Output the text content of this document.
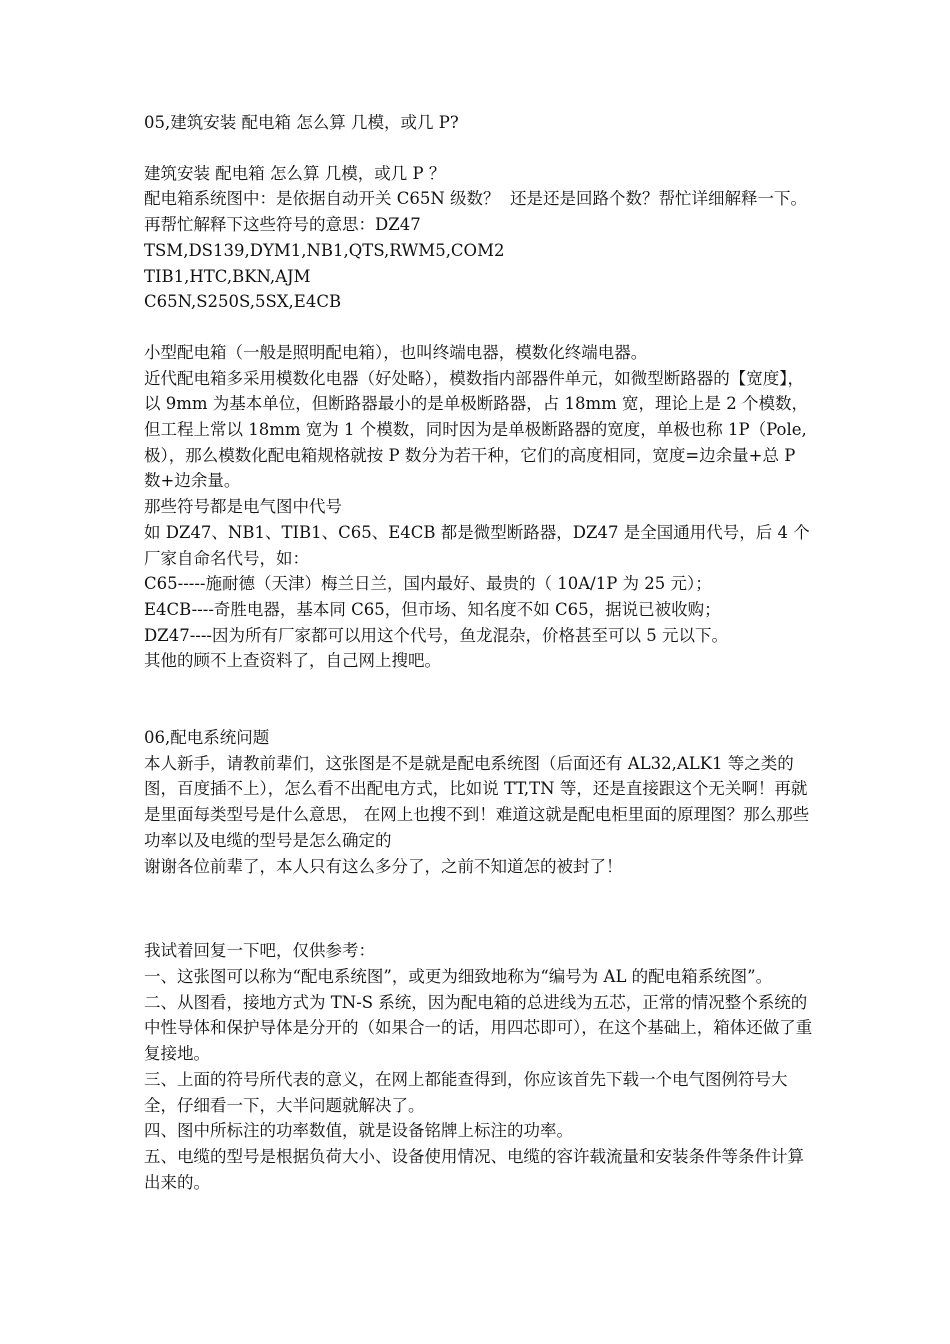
05,建筑安装 配电箱 怎么算 几模，或几 P?

建筑安装 配电箱 怎么算 几模，或几 P ？

配电箱系统图中：是依据自动开关 C65N 级数？  还是还是回路个数？帮忙详细解释一下。

再帮忙解释下这些符号的意思：DZ47

TSM,DS139,DYM1,NB1,QTS,RWM5,COM2

TIB1,HTC,BKN,AJM

C65N,S250S,5SX,E4CB

小型配电箱（一般是照明配电箱），也叫终端电器，模数化终端电器。

近代配电箱多采用模数化电器（好处略），模数指内部器件单元，如微型断路器的【宽度】，以 9mm 为基本单位，但断路器最小的是单极断路器，占 18mm 宽，理论上是 2 个模数，但工程上常以 18mm 宽为 1 个模数，同时因为是单极断路器的宽度，单极也称 1P（Pole,极），那么模数化配电箱规格就按 P 数分为若干种，它们的高度相同，宽度=边余量+总 P 数+边余量。

那些符号都是电气图中代号

如 DZ47、NB1、TIB1、C65、E4CB 都是微型断路器，DZ47 是全国通用代号，后 4 个厂家自命名代号，如：

C65-----施耐德（天津）梅兰日兰，国内最好、最贵的（ 10A/1P 为 25 元）；

E4CB----奇胜电器，基本同 C65，但市场、知名度不如 C65，据说已被收购；

DZ47----因为所有厂家都可以用这个代号，鱼龙混杂，价格甚至可以 5 元以下。

其他的顾不上查资料了，自己网上搜吧。

06,配电系统问题

本人新手，请教前辈们，这张图是不是就是配电系统图（后面还有 AL32,ALK1 等之类的图，百度插不上），怎么看不出配电方式，比如说 TT,TN 等，还是直接跟这个无关啊！再就是里面每类型号是什么意思， 在网上也搜不到！难道这就是配电柜里面的原理图？那么那些功率以及电缆的型号是怎么确定的

谢谢各位前辈了，本人只有这么多分了，之前不知道怎的被封了！

我试着回复一下吧，仅供参考：

一、这张图可以称为“配电系统图”，或更为细致地称为“编号为 AL 的配电箱系统图”。

二、从图看，接地方式为 TN-S 系统，因为配电箱的总进线为五芯，正常的情况整个系统的中性导体和保护导体是分开的（如果合一的话，用四芯即可），在这个基础上，箱体还做了重复接地。

三、上面的符号所代表的意义，在网上都能查得到，你应该首先下载一个电气图例符号大全，仔细看一下，大半问题就解决了。

四、图中所标注的功率数值，就是设备铭牌上标注的功率。

五、电缆的型号是根据负荷大小、设备使用情况、电缆的容许载流量和安装条件等条件计算出来的。
